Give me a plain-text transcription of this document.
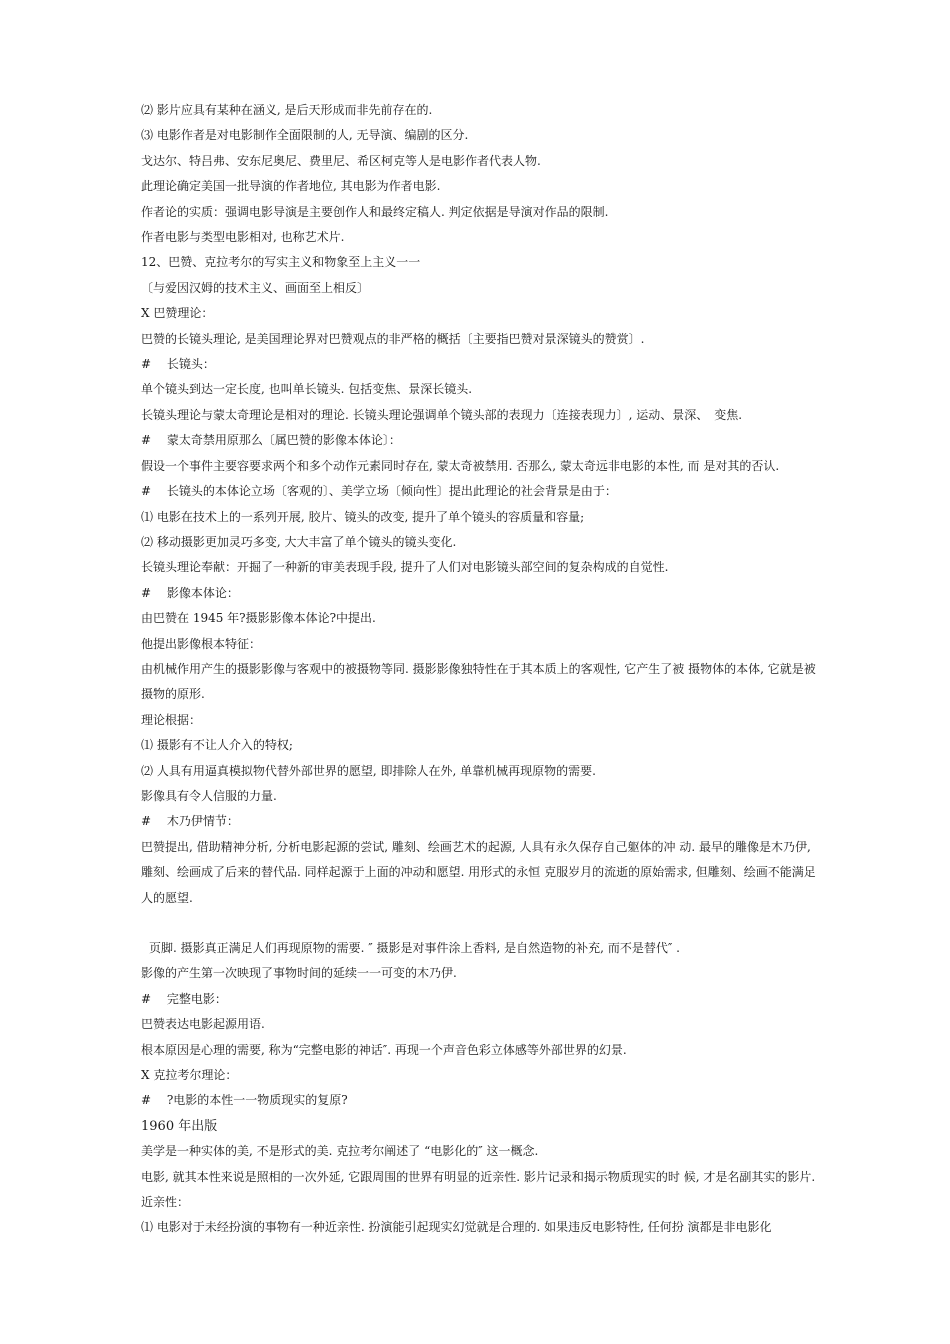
⑵ 影片应具有某种在涵义, 是后天形成而非先前存在的.
⑶ 电影作者是对电影制作全面限制的人, 无导演、编剧的区分.
戈达尔、特吕弗、安东尼奥尼、费里尼、希区柯克等人是电影作者代表人物.
此理论确定美国一批导演的作者地位, 其电影为作者电影.
作者论的实质：强调电影导演是主要创作人和最终定稿人. 判定依据是导演对作品的限制.
作者电影与类型电影相对, 也称艺术片.
12、巴赞、克拉考尔的写实主义和物象至上主义一一
〔与爱因汉姆的技术主义、画面至上相反〕
X 巴赞理论：
巴赞的长镜头理论, 是美国理论界对巴赞观点的非严格的概括〔主要指巴赞对景深镜头的赞赏〕.
#　 长镜头：
单个镜头到达一定长度, 也叫单长镜头. 包括变焦、景深长镜头.
长镜头理论与蒙太奇理论是相对的理论. 长镜头理论强调单个镜头部的表现力〔连接表现力〕, 运动、景深、　变焦.
#　 蒙太奇禁用原那么〔属巴赞的影像本体论〕：
假设一个事件主要容要求两个和多个动作元素同时存在, 蒙太奇被禁用. 否那么, 蒙太奇远非电影的本性, 而 是对其的否认.
#　 长镜头的本体论立场〔客观的〕、美学立场〔倾向性〕提出此理论的社会背景是由于：
⑴ 电影在技术上的一系列开展, 胶片、镜头的改变, 提升了单个镜头的容质量和容量;
⑵ 移动摄影更加灵巧多变, 大大丰富了单个镜头的镜头变化.
长镜头理论奉献：开掘了一种新的审美表现手段, 提升了人们对电影镜头部空间的复杂构成的自觉性.
#　 影像本体论：
由巴赞在 1945 年?摄影影像本体论?中提出.
他提出影像根本特征：
由机械作用产生的摄影影像与客观中的被摄物等同. 摄影影像独特性在于其本质上的客观性, 它产生了被 摄物体的本体, 它就是被摄物的原形.
理论根据：
⑴ 摄影有不让人介入的特权;
⑵ 人具有用逼真模拟物代替外部世界的愿望, 即排除人在外, 单靠机械再现原物的需要.
影像具有令人信服的力量.
#　 木乃伊情节：
巴赞提出, 借助精神分析, 分析电影起源的尝试, 雕刻、绘画艺术的起源, 人具有永久保存自己躯体的冲 动. 最早的雕像是木乃伊, 雕刻、绘画成了后来的替代品. 同样起源于上面的冲动和愿望. 用形式的永恒 克服岁月的流逝的原始需求, 但雕刻、绘画不能满足人的愿望.
页脚. 摄影真正满足人们再现原物的需要. ″ 摄影是对事件涂上香料, 是自然造物的补充, 而不是替代″ .
影像的产生第一次映现了事物时间的延续一一可变的木乃伊.
#　 完整电影：
巴赞表达电影起源用语.
根本原因是心理的需要, 称为“完整电影的神话″. 再现一个声音色彩立体感等外部世界的幻景.
X 克拉考尔理论：
#　 ?电影的本性一一物质现实的复原?
1960 年出版
美学是一种实体的美, 不是形式的美. 克拉考尔阐述了 “电影化的″ 这一概念.
电影, 就其本性来说是照相的一次外延, 它跟周围的世界有明显的近亲性. 影片记录和揭示物质现实的时 候, 才是名副其实的影片.
近亲性：
⑴ 电影对于未经扮演的事物有一种近亲性. 扮演能引起现实幻觉就是合理的. 如果违反电影特性, 任何扮 演都是非电影化
